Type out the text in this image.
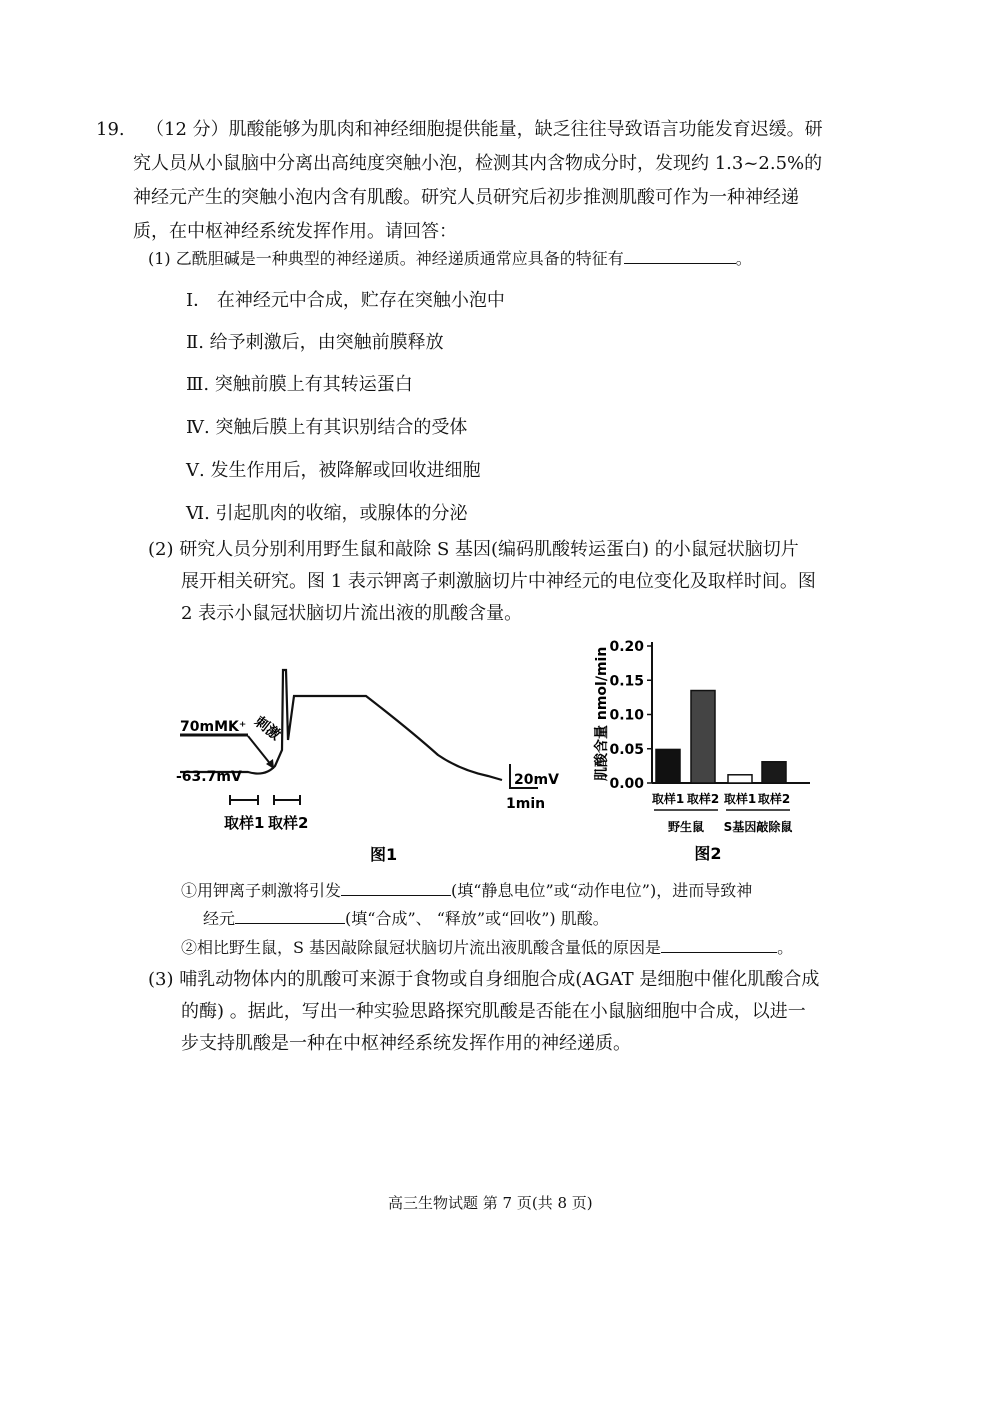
19. （12 分）肌酸能够为肌肉和神经细胞提供能量，缺乏往往导致语言功能发育迟缓。研
究人员从小鼠脑中分离出高纯度突触小泡，检测其内含物成分时，发现约 1.3~2.5%的
神经元产生的突触小泡内含有肌酸。研究人员研究后初步推测肌酸可作为一种神经递
质，在中枢神经系统发挥作用。请回答：
(1) 乙酰胆碱是一种典型的神经递质。神经递质通常应具备的特征有	。
Ⅰ． 在神经元中合成，贮存在突触小泡中
Ⅱ. 给予刺激后，由突触前膜释放
Ⅲ. 突触前膜上有其转运蛋白
Ⅳ. 突触后膜上有其识别结合的受体
Ⅴ. 发生作用后，被降解或回收进细胞
Ⅵ. 引起肌肉的收缩，或腺体的分泌
(2) 研究人员分别利用野生鼠和敲除 S 基因(编码肌酸转运蛋白) 的小鼠冠状脑切片
展开相关研究。图 1 表示钾离子刺激脑切片中神经元的电位变化及取样时间。图
2 表示小鼠冠状脑切片流出液的肌酸含量。
70mMK⁺ 刺激
-63.7mV	20mV
1min
取样1 取样2
图1
0.00
0.05
0.10
0.15
0.20
肌酸含量 nmol/min
取样1 取样2 取样1 取样2
野生鼠 S基因敲除鼠
图2
①用钾离子刺激将引发	(填“静息电位”或“动作电位”)，进而导致神
经元	(填“合成”、 “释放”或“回收”) 肌酸。
②相比野生鼠，S 基因敲除鼠冠状脑切片流出液肌酸含量低的原因是	。
(3) 哺乳动物体内的肌酸可来源于食物或自身细胞合成(AGAT 是细胞中催化肌酸合成
的酶) 。据此，写出一种实验思路探究肌酸是否能在小鼠脑细胞中合成，以进一
步支持肌酸是一种在中枢神经系统发挥作用的神经递质。
高三生物试题 第 7 页(共 8 页)
